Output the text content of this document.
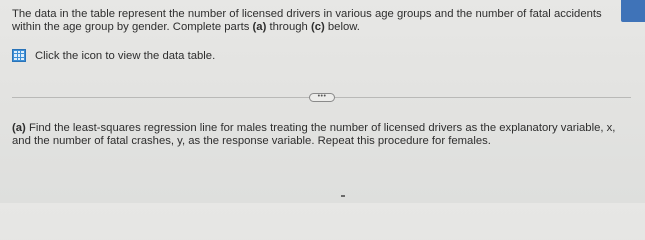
The data in the table represent the number of licensed drivers in various age groups and the number of fatal accidents within the age group by gender. Complete parts (a) through (c) below.

Click the icon to view the data table.
•••

(a) Find the least-squares regression line for males treating the number of licensed drivers as the explanatory variable, x, and the number of fatal crashes, y, as the response variable. Repeat this procedure for females.
